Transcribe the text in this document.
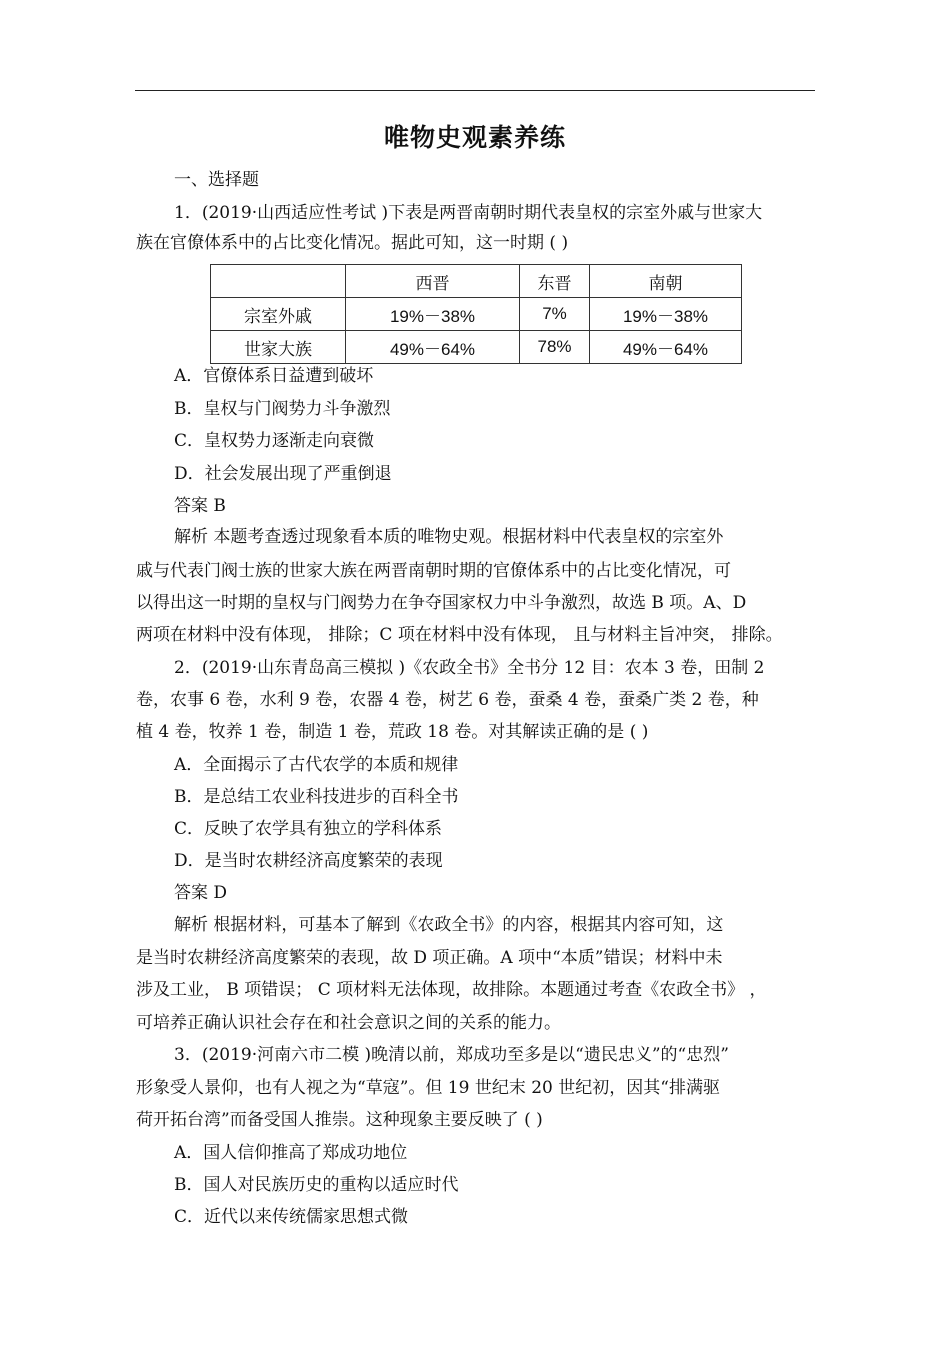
唯物史观素养练
一、选择题
1．(2019·山西适应性考试 )下表是两晋南朝时期代表皇权的宗室外戚与世家大
族在官僚体系中的占比变化情况。据此可知，这一时期 ( )
	西晋	东晋	南朝
宗室外戚	19%－38%	7%	19%－38%
世家大族	49%－64%	78%	49%－64%
A．官僚体系日益遭到破坏
B．皇权与门阀势力斗争激烈
C．皇权势力逐渐走向衰微
D．社会发展出现了严重倒退
答案 B
解析 本题考查透过现象看本质的唯物史观。根据材料中代表皇权的宗室外
戚与代表门阀士族的世家大族在两晋南朝时期的官僚体系中的占比变化情况，可
以得出这一时期的皇权与门阀势力在争夺国家权力中斗争激烈，故选 B 项。A、D
两项在材料中没有体现， 排除；C 项在材料中没有体现， 且与材料主旨冲突， 排除。
2．(2019·山东青岛高三模拟 )《农政全书》全书分 12 目：农本 3 卷，田制 2
卷，农事 6 卷，水利 9 卷，农器 4 卷，树艺 6 卷，蚕桑 4 卷，蚕桑广类 2 卷，种
植 4 卷，牧养 1 卷，制造 1 卷，荒政 18 卷。对其解读正确的是 ( )
A．全面揭示了古代农学的本质和规律
B．是总结工农业科技进步的百科全书
C．反映了农学具有独立的学科体系
D．是当时农耕经济高度繁荣的表现
答案 D
解析 根据材料，可基本了解到《农政全书》的内容，根据其内容可知，这
是当时农耕经济高度繁荣的表现，故 D 项正确。A 项中“本质”错误；材料中未
涉及工业， B 项错误； C 项材料无法体现，故排除。本题通过考查《农政全书》 ，
可培养正确认识社会存在和社会意识之间的关系的能力。
3．(2019·河南六市二模 )晚清以前，郑成功至多是以“遗民忠义”的“忠烈”
形象受人景仰，也有人视之为“草寇”。但 19 世纪末 20 世纪初，因其“排满驱
荷开拓台湾”而备受国人推崇。这种现象主要反映了 ( )
A．国人信仰推高了郑成功地位
B．国人对民族历史的重构以适应时代
C．近代以来传统儒家思想式微
